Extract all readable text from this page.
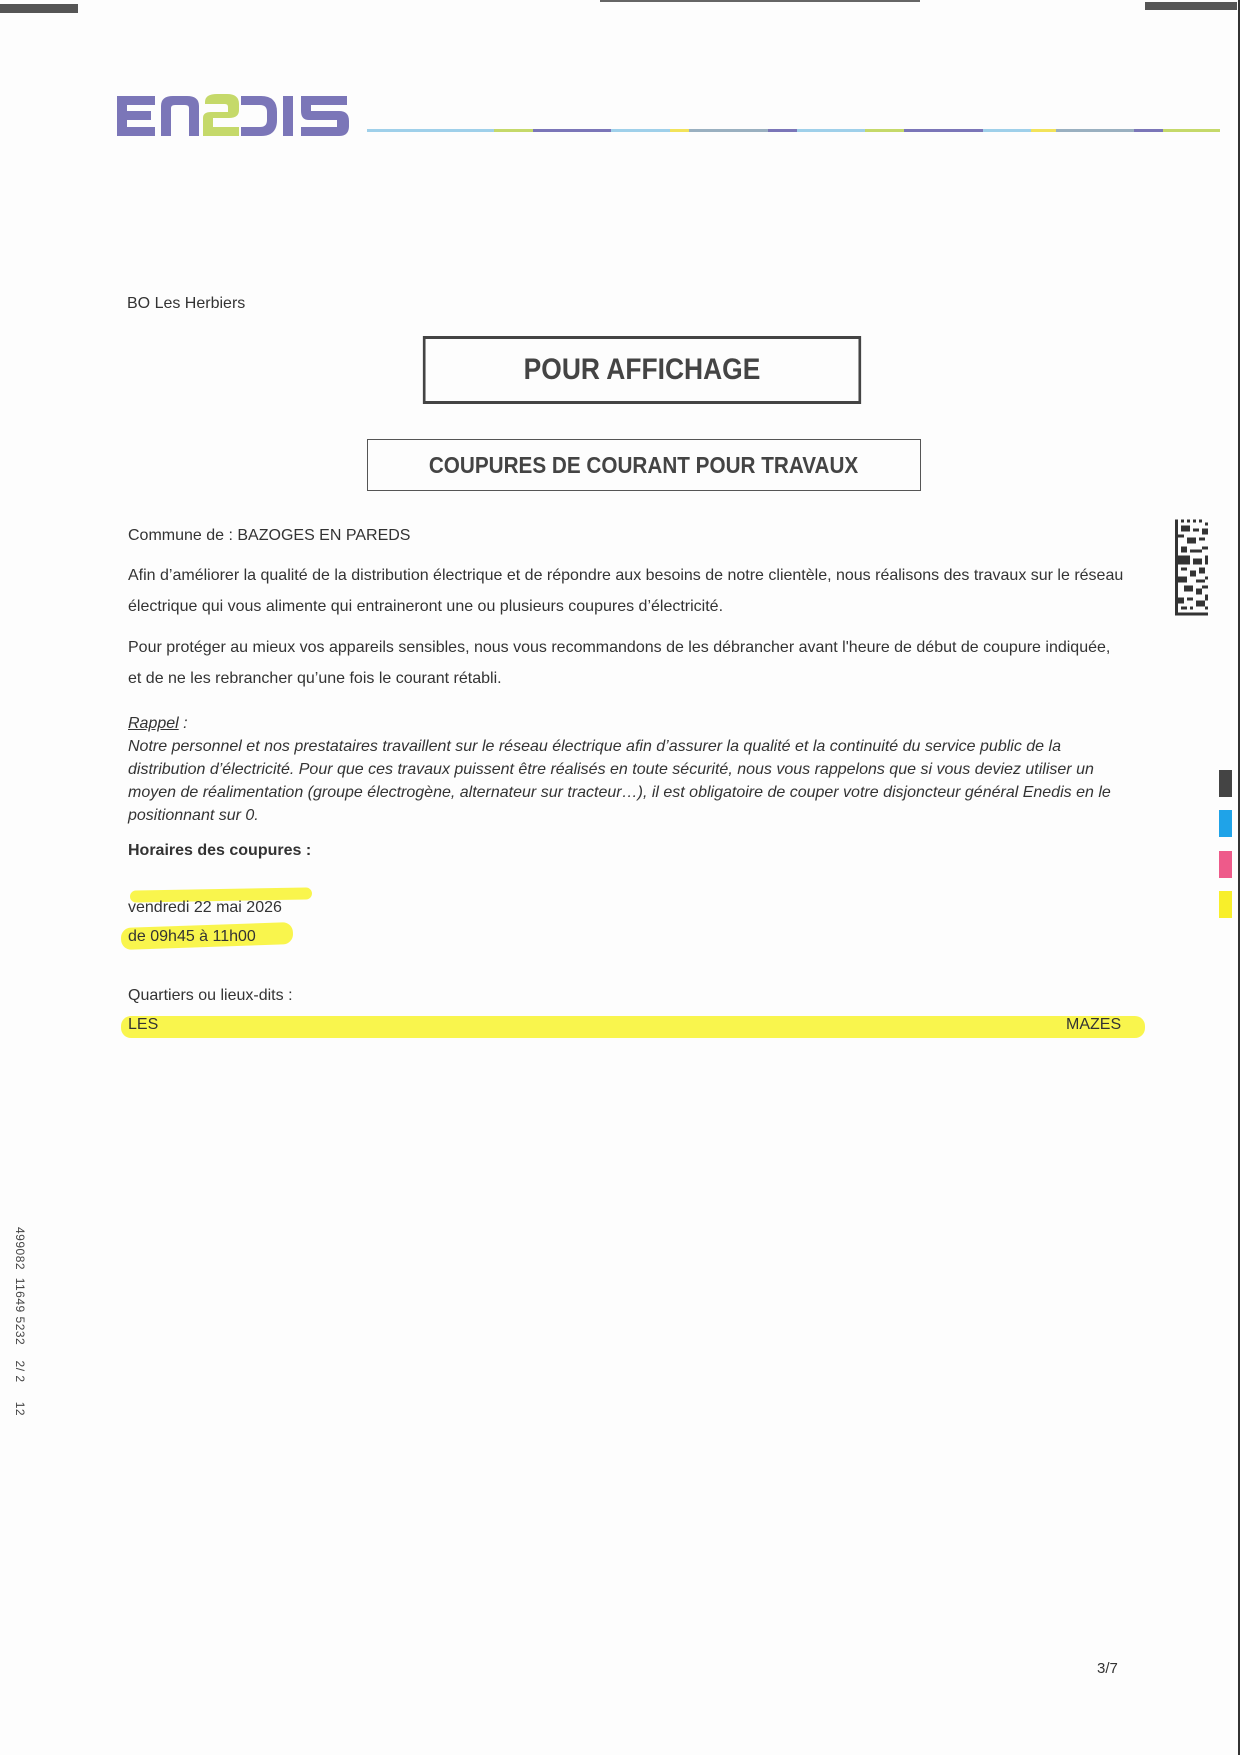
BO Les Herbiers
POUR AFFICHAGE
COUPURES DE COURANT POUR TRAVAUX
Commune de : BAZOGES EN PAREDS
Afin d’améliorer la qualité de la distribution électrique et de répondre aux besoins de notre clientèle, nous réalisons des travaux sur le réseau électrique qui vous alimente qui entraineront une ou plusieurs coupures d’électricité.
Pour protéger au mieux vos appareils sensibles, nous vous recommandons de les débrancher avant l'heure de début de coupure indiquée, et de ne les rebrancher qu’une fois le courant rétabli.
Rappel :
Notre personnel et nos prestataires travaillent sur le réseau électrique afin d’assurer la qualité et la continuité du service public de la distribution d’électricité. Pour que ces travaux puissent être réalisés en toute sécurité, nous vous rappelons que si vous deviez utiliser un moyen de réalimentation (groupe électrogène, alternateur sur tracteur…), il est obligatoire de couper votre disjoncteur général Enedis en le positionnant sur 0.
Horaires des coupures :
vendredi 22 mai 2026
de 09h45 à 11h00
Quartiers ou lieux-dits :
LES	MAZES
499082  11649 5232    2/ 2     12
3/7
